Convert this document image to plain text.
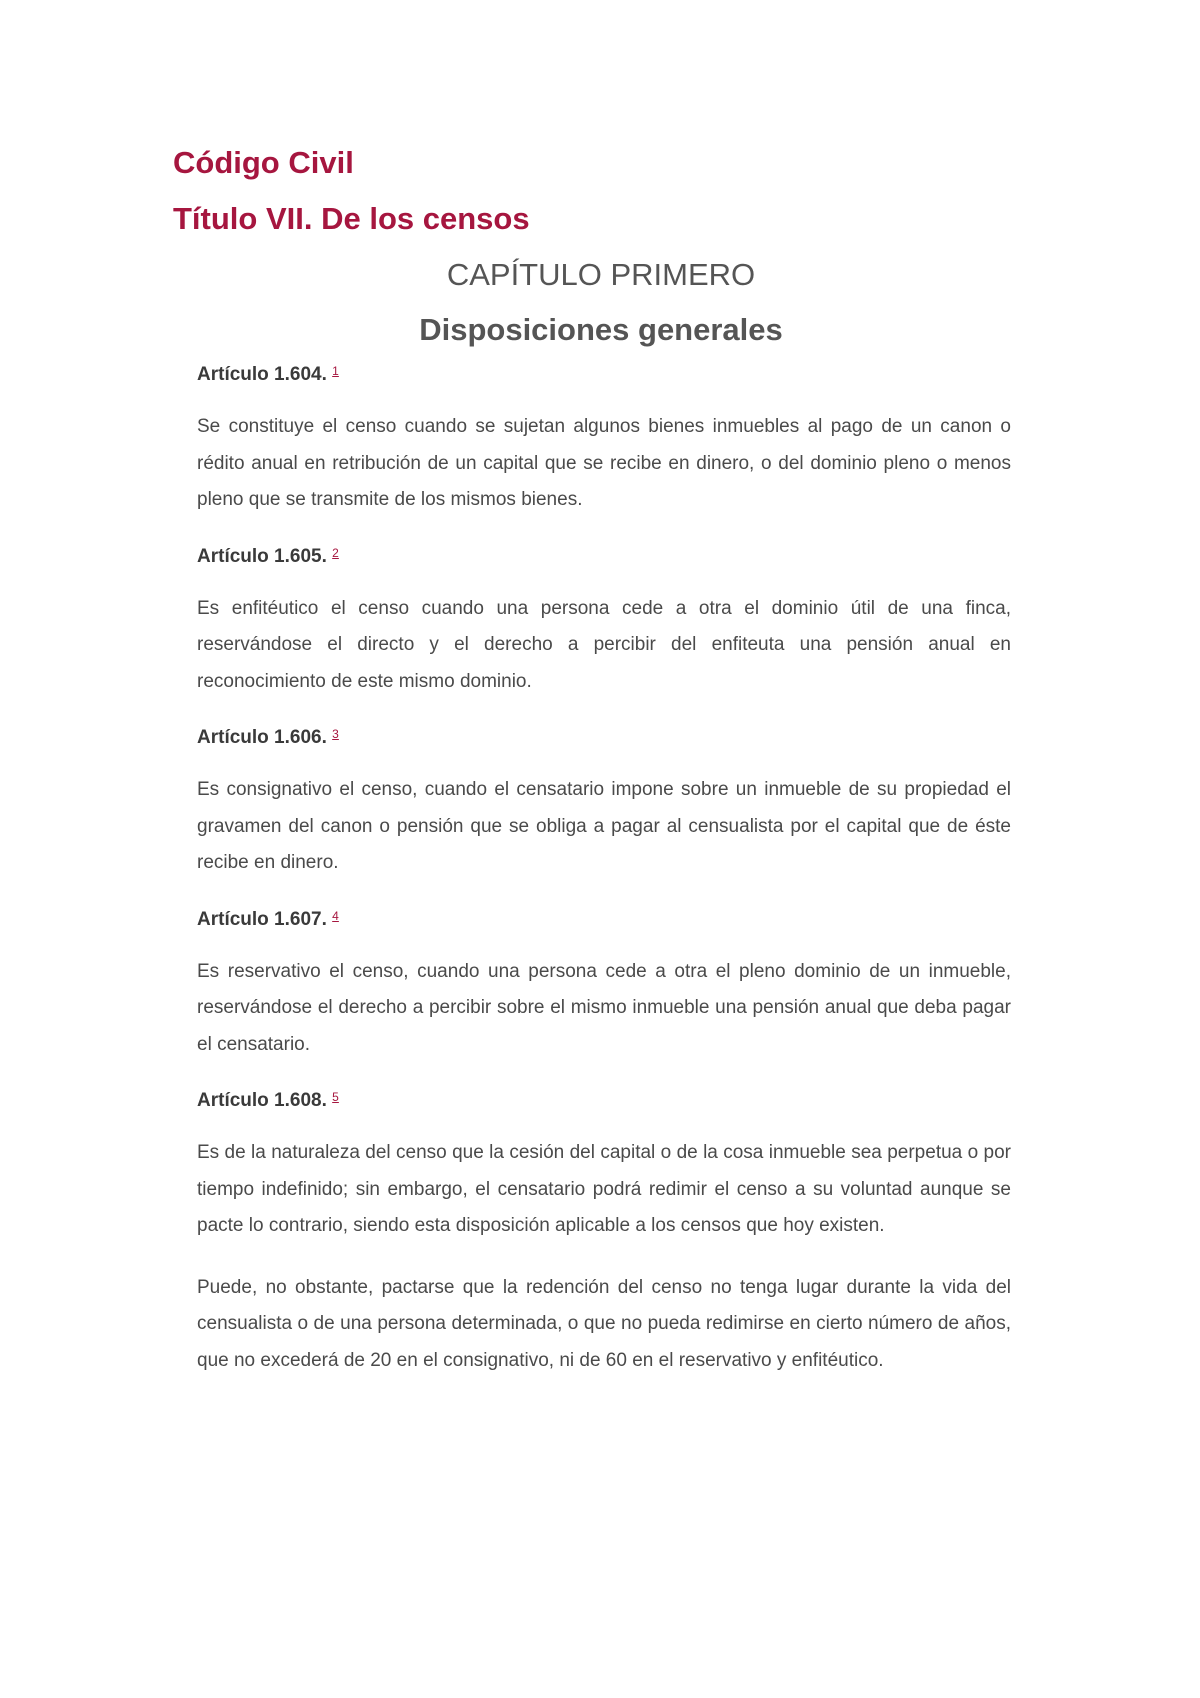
Código Civil
Título VII. De los censos
CAPÍTULO PRIMERO
Disposiciones generales
Artículo 1.604. $^1$

Se constituye el censo cuando se sujetan algunos bienes inmuebles al pago de un canon o rédito anual en retribución de un capital que se recibe en dinero, o del dominio pleno o menos pleno que se transmite de los mismos bienes.

Artículo 1.605. $^2$

Es enfitéutico el censo cuando una persona cede a otra el dominio útil de una finca, reservándose el directo y el derecho a percibir del enfiteuta una pensión anual en reconocimiento de este mismo dominio.

Artículo 1.606. $^3$

Es consignativo el censo, cuando el censatario impone sobre un inmueble de su propiedad el gravamen del canon o pensión que se obliga a pagar al censualista por el capital que de éste recibe en dinero.

Artículo 1.607. $^4$

Es reservativo el censo, cuando una persona cede a otra el pleno dominio de un inmueble, reservándose el derecho a percibir sobre el mismo inmueble una pensión anual que deba pagar el censatario.

Artículo 1.608. $^5$

Es de la naturaleza del censo que la cesión del capital o de la cosa inmueble sea perpetua o por tiempo indefinido; sin embargo, el censatario podrá redimir el censo a su voluntad aunque se pacte lo contrario, siendo esta disposición aplicable a los censos que hoy existen.

Puede, no obstante, pactarse que la redención del censo no tenga lugar durante la vida del censualista o de una persona determinada, o que no pueda redimirse en cierto número de años, que no excederá de 20 en el consignativo, ni de 60 en el reservativo y enfitéutico.
